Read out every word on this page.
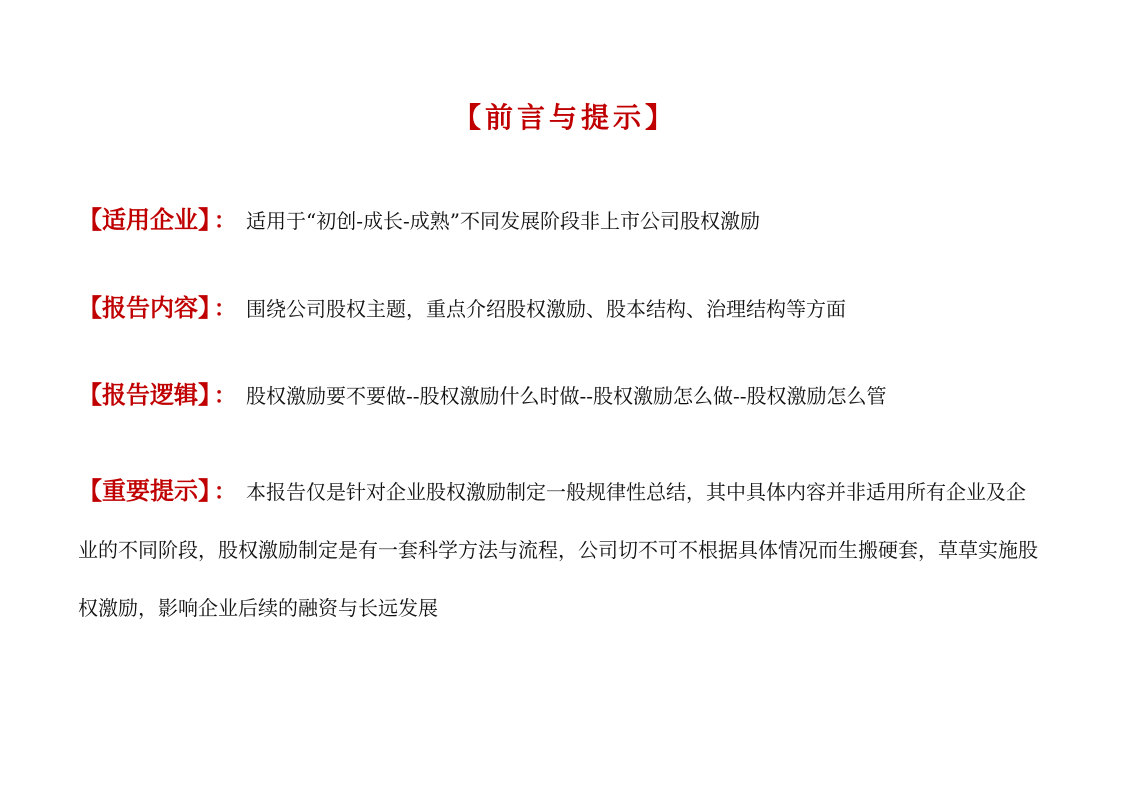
【前言与提示】
【适用企业】 ： 适用于“初创-成长-成熟”不同发展阶段非上市公司股权激励
【报告内容】 ： 围绕公司股权主题，重点介绍股权激励、股本结构、治理结构等方面
【报告逻辑】 ： 股权激励要不要做--股权激励什么时做--股权激励怎么做--股权激励怎么管
【重要提示】 ： 本报告仅是针对企业股权激励制定一般规律性总结，其中具体内容并非适用所有企业及企业的不同阶段，股权激励制定是有一套科学方法与流程，公司切不可不根据具体情况而生搬硬套，草草实施股权激励，影响企业后续的融资与长远发展
